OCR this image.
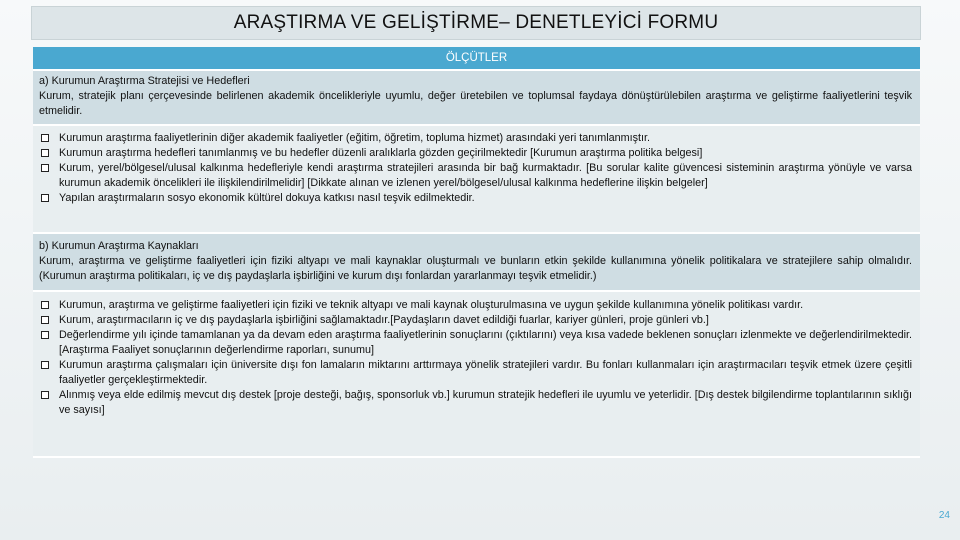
ARAŞTIRMA VE GELİŞTİRME– DENETLEYİCİ FORMU
ÖLÇÜTLER

a) Kurumun Araştırma Stratejisi ve Hedefleri

Kurum, stratejik planı çerçevesinde belirlenen akademik öncelikleriyle uyumlu, değer üretebilen ve toplumsal faydaya dönüştürülebilen araştırma ve geliştirme faaliyetlerini teşvik etmelidir.

Kurumun araştırma faaliyetlerinin diğer akademik faaliyetler (eğitim, öğretim, topluma hizmet) arasındaki yeri tanımlanmıştır.
Kurumun araştırma hedefleri tanımlanmış ve bu hedefler düzenli aralıklarla gözden geçirilmektedir [Kurumun araştırma politika belgesi]
Kurum, yerel/bölgesel/ulusal kalkınma hedefleriyle kendi araştırma stratejileri arasında bir bağ kurmaktadır. [Bu sorular kalite güvencesi sisteminin araştırma yönüyle ve varsa kurumun akademik öncelikleri ile ilişkilendirilmelidir] [Dikkate alınan ve izlenen yerel/bölgesel/ulusal kalkınma hedeflerine ilişkin belgeler]
Yapılan araştırmaların sosyo ekonomik kültürel dokuya katkısı nasıl teşvik edilmektedir.

b) Kurumun Araştırma Kaynakları

Kurum, araştırma ve geliştirme faaliyetleri için fiziki altyapı ve mali kaynaklar oluşturmalı ve bunların etkin şekilde kullanımına yönelik politikalara ve stratejilere sahip olmalıdır. (Kurumun araştırma politikaları, iç ve dış paydaşlarla işbirliğini ve kurum dışı fonlardan yararlanmayı teşvik etmelidir.)

Kurumun, araştırma ve geliştirme faaliyetleri için fiziki ve teknik altyapı ve mali kaynak oluşturulmasına ve uygun şekilde kullanımına yönelik politikası vardır.
Kurum, araştırmacıların iç ve dış paydaşlarla işbirliğini sağlamaktadır.[Paydaşların davet edildiği fuarlar, kariyer günleri, proje günleri vb.]
Değerlendirme yılı içinde tamamlanan ya da devam eden araştırma faaliyetlerinin sonuçlarını (çıktılarını) veya kısa vadede beklenen sonuçları izlenmekte ve değerlendirilmektedir. [Araştırma Faaliyet sonuçlarının değerlendirme raporları, sunumu]
Kurumun araştırma çalışmaları için üniversite dışı fon lamaların miktarını arttırmaya yönelik stratejileri vardır. Bu fonları kullanmaları için araştırmacıları teşvik etmek üzere çeşitli faaliyetler gerçekleştirmektedir.
Alınmış veya elde edilmiş mevcut dış destek [proje desteği, bağış, sponsorluk vb.] kurumun stratejik hedefleri ile uyumlu ve yeterlidir. [Dış destek bilgilendirme toplantılarının sıklığı ve sayısı]
24
